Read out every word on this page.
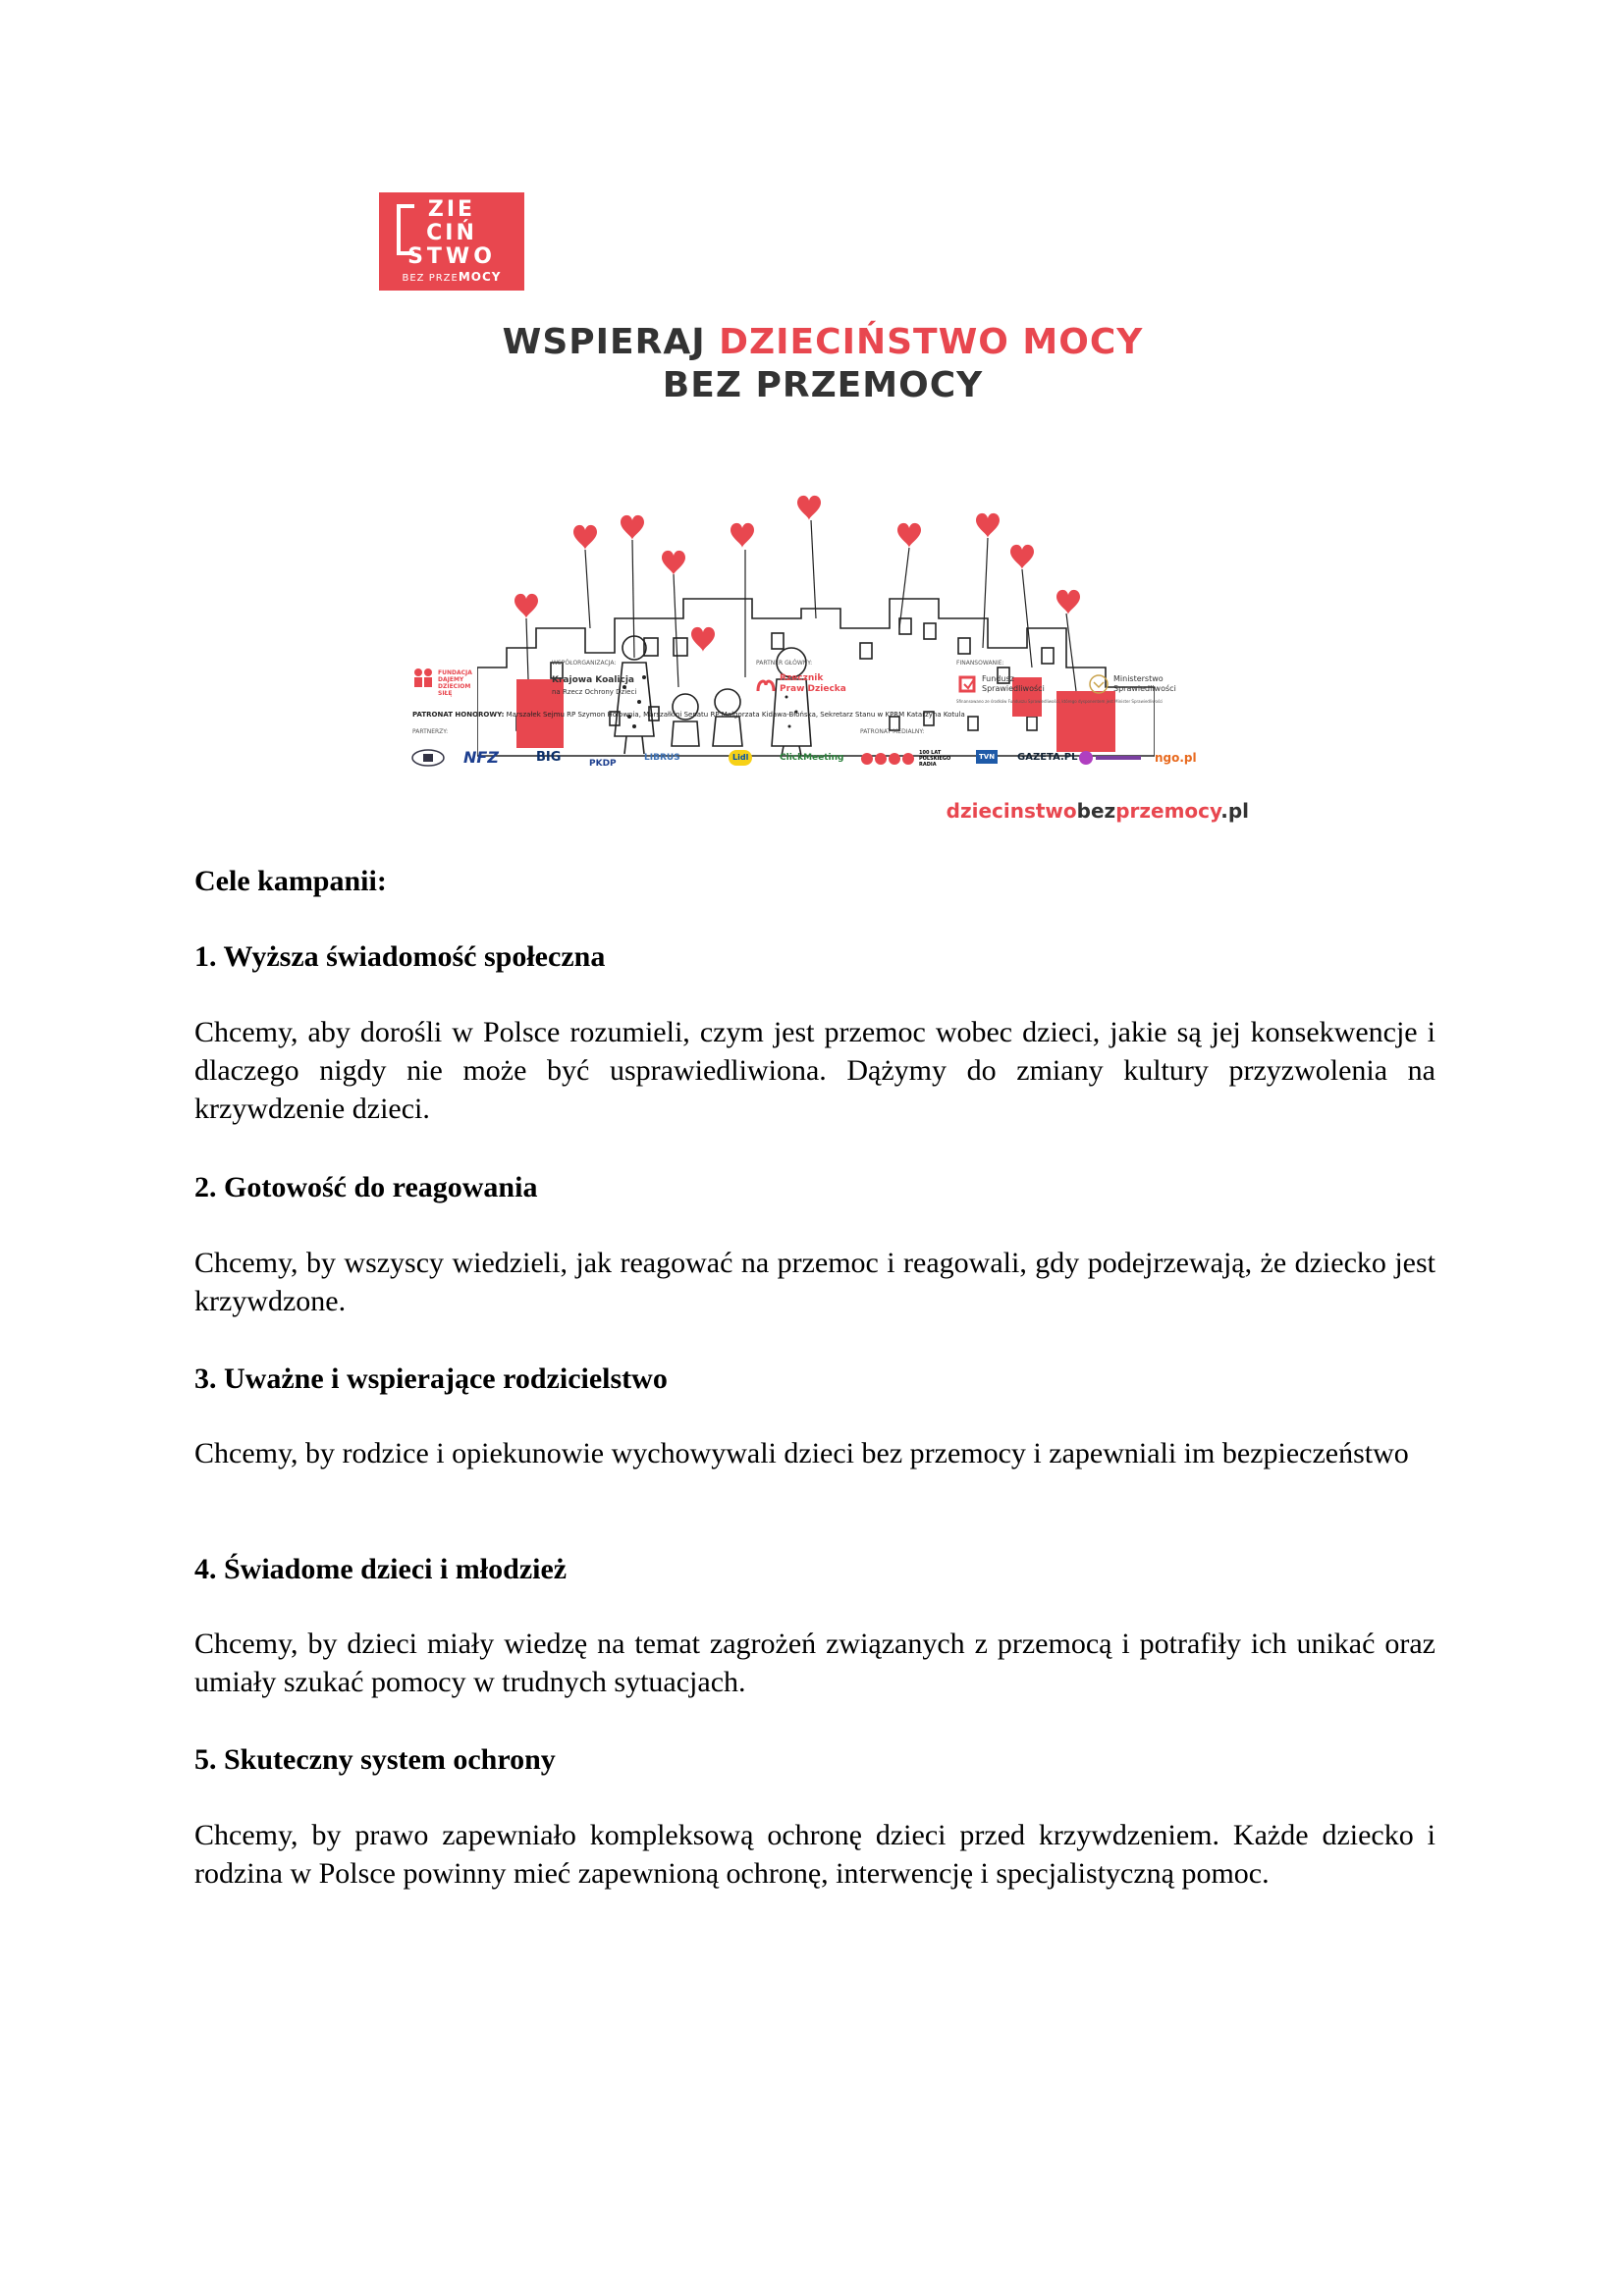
ZIE
CIŃ
STWO
BEZ PRZEMOCY
WSPIERAJ DZIECIŃSTWO MOCY
BEZ PRZEMOCY
dziecinstwobezprzemocy.pl
FUNDACJA DAJEMY DZIECIOM SIŁĘ
WSPÓŁORGANIZACJA:
Krajowa Koalicja
na Rzecz Ochrony Dzieci
PARTNER GŁÓWNY:
Rzecznik
Praw Dziecka
FINANSOWANIE:
Fundusz
Sprawiedliwości
Ministerstwo
Sprawiedliwości
Sfinansowano ze środków Funduszu Sprawiedliwości, którego dysponentem jest Minister Sprawiedliwości
PATRONAT HONOROWY: Marszałek Sejmu RP Szymon Hołownia, Marszałkini Senatu RP Małgorzata Kidawa-Błońska, Sekretarz Stanu w KPRM Katarzyna Kotula
PARTNERZY:	PATRONAT MEDIALNY:
NFZ	BIG	PKDP
LIBRUS	Lidl	ClickMeeting	100 LAT POLSKIEGO RADIA
TVN	GAZETA.PL	ngo.pl
Cele kampanii:
1. Wyższa świadomość społeczna
Chcemy, aby dorośli w Polsce rozumieli, czym jest przemoc wobec dzieci, jakie są jej konsekwencje i dlaczego nigdy nie może być usprawiedliwiona. Dążymy do zmiany kultury przyzwolenia na krzywdzenie dzieci.
2. Gotowość do reagowania
Chcemy, by wszyscy wiedzieli, jak reagować na przemoc i reagowali, gdy podejrzewają, że dziecko jest krzywdzone.
3. Uważne i wspierające rodzicielstwo
Chcemy, by rodzice i opiekunowie wychowywali dzieci bez przemocy i zapewniali im bezpieczeństwo
4. Świadome dzieci i młodzież
Chcemy, by dzieci miały wiedzę na temat zagrożeń związanych z przemocą i potrafiły ich unikać oraz umiały szukać pomocy w trudnych sytuacjach.
5. Skuteczny system ochrony
Chcemy, by prawo zapewniało kompleksową ochronę dzieci przed krzywdzeniem. Każde dziecko i rodzina w Polsce powinny mieć zapewnioną ochronę, interwencję i specjalistyczną pomoc.
